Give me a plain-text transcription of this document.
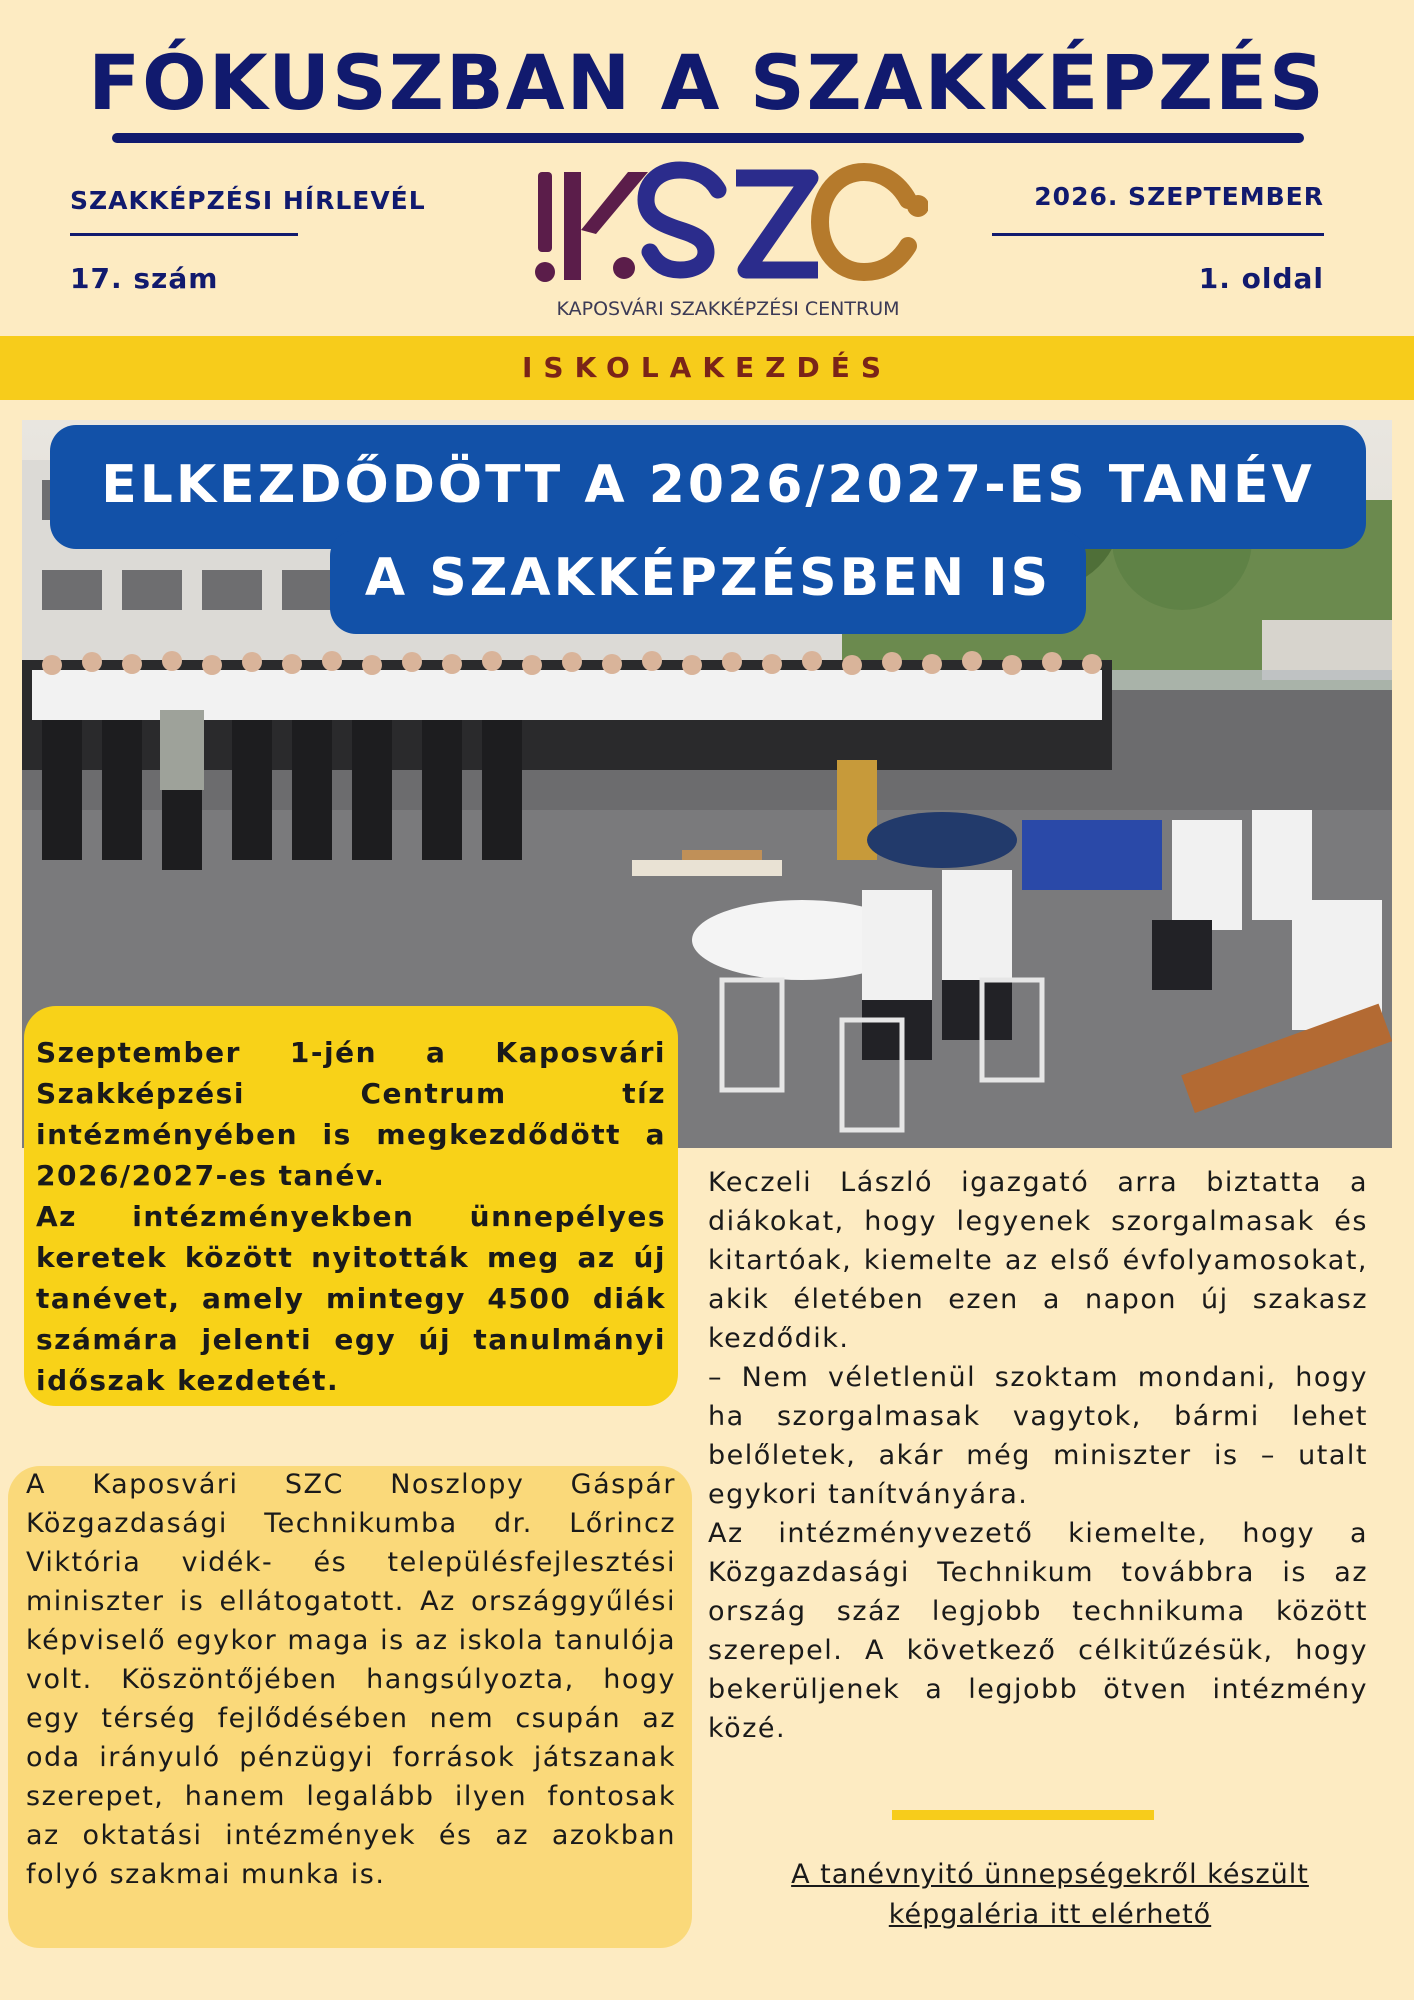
FÓKUSZBAN A SZAKKÉPZÉS
SZAKKÉPZÉSI HÍRLEVÉL
17. szám
2026. SZEPTEMBER
1. oldal
KAPOSVÁRI SZAKKÉPZÉSI CENTRUM
ISKOLAKEZDÉS
ELKEZDŐDÖTT A 2026/2027-ES TANÉV
A SZAKKÉPZÉSBEN IS

Szeptember 1-jén a Kaposvári Szakképzési Centrum tíz intézményében is megkezdődött a 2026/2027-es tanév.

Az intézményekben ünnepélyes keretek között nyitották meg az új tanévet, amely mintegy 4500 diák számára jelenti egy új tanulmányi időszak kezdetét.

A Kaposvári SZC Noszlopy Gáspár Közgazdasági Technikumba dr. Lőrincz Viktória vidék- és településfejlesztési miniszter is ellátogatott. Az országgyűlési képviselő egykor maga is az iskola tanulója volt. Köszöntőjében hangsúlyozta, hogy egy térség fejlődésében nem csupán az oda irányuló pénzügyi források játszanak szerepet, hanem legalább ilyen fontosak az oktatási intézmények és az azokban folyó szakmai munka is.

Keczeli László igazgató arra biztatta a diákokat, hogy legyenek szorgalmasak és kitartóak, kiemelte az első évfolyamosokat, akik életében ezen a napon új szakasz kezdődik.

– Nem véletlenül szoktam mondani, hogy ha szorgalmasak vagytok, bármi lehet belőletek, akár még miniszter is – utalt egykori tanítványára.

Az intézményvezető kiemelte, hogy a Közgazdasági Technikum továbbra is az ország száz legjobb technikuma között szerepel. A következő célkitűzésük, hogy bekerüljenek a legjobb ötven intézmény közé.

A tanévnyitó ünnepségekről készült képgaléria itt elérhető
